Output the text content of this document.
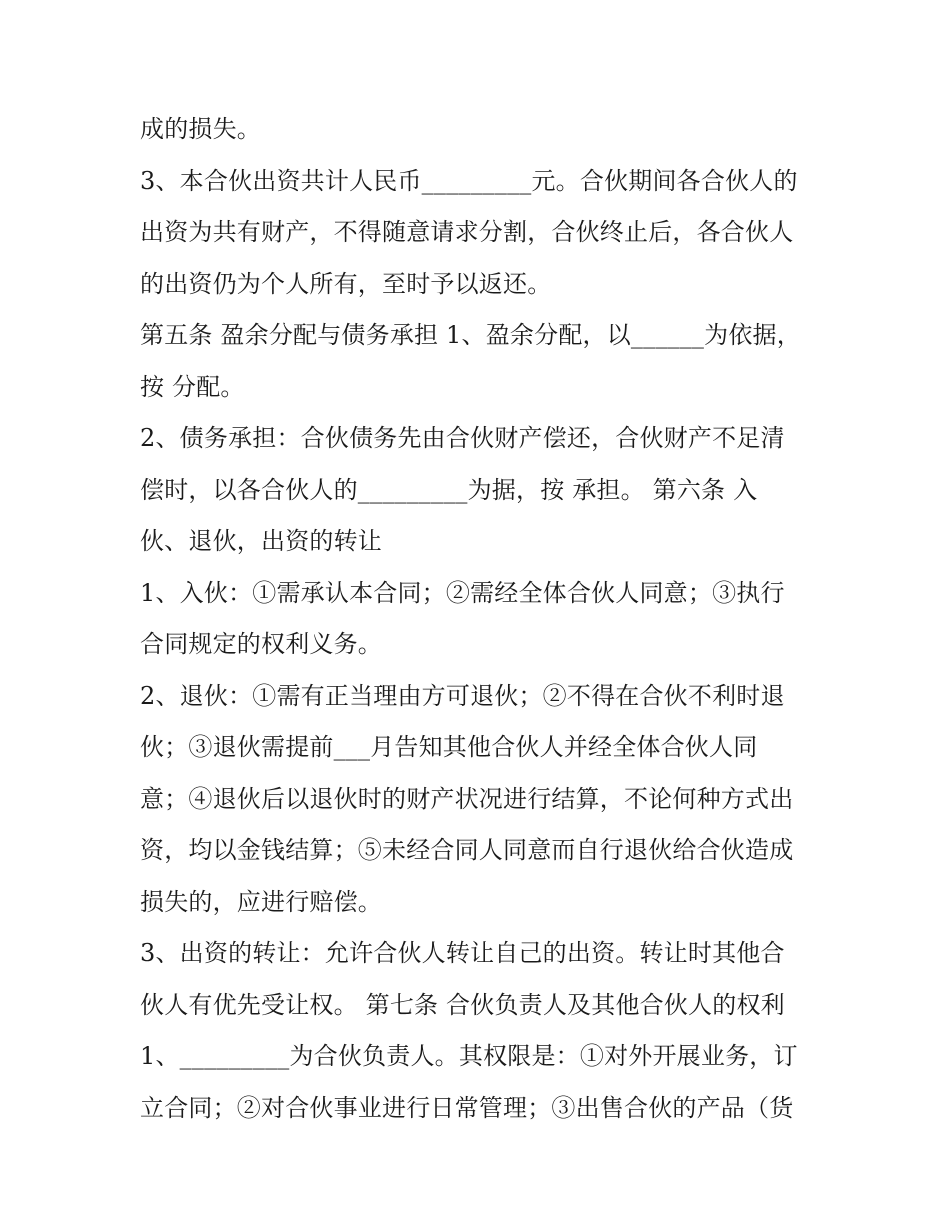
成的损失。
3、本合伙出资共计人民币_________元。合伙期间各合伙人的
出资为共有财产，不得随意请求分割，合伙终止后，各合伙人
的出资仍为个人所有，至时予以返还。
第五条 盈余分配与债务承担 1、盈余分配，以______为依据，
按 分配。
2、债务承担：合伙债务先由合伙财产偿还，合伙财产不足清
偿时，以各合伙人的_________为据，按 承担。 第六条 入
伙、退伙，出资的转让
1、入伙：①需承认本合同；②需经全体合伙人同意；③执行
合同规定的权利义务。
2、退伙：①需有正当理由方可退伙；②不得在合伙不利时退
伙；③退伙需提前___月告知其他合伙人并经全体合伙人同
意；④退伙后以退伙时的财产状况进行结算，不论何种方式出
资，均以金钱结算；⑤未经合同人同意而自行退伙给合伙造成
损失的，应进行赔偿。
3、出资的转让：允许合伙人转让自己的出资。转让时其他合
伙人有优先受让权。 第七条 合伙负责人及其他合伙人的权利
1、_________为合伙负责人。其权限是：①对外开展业务，订
立合同；②对合伙事业进行日常管理；③出售合伙的产品（货
